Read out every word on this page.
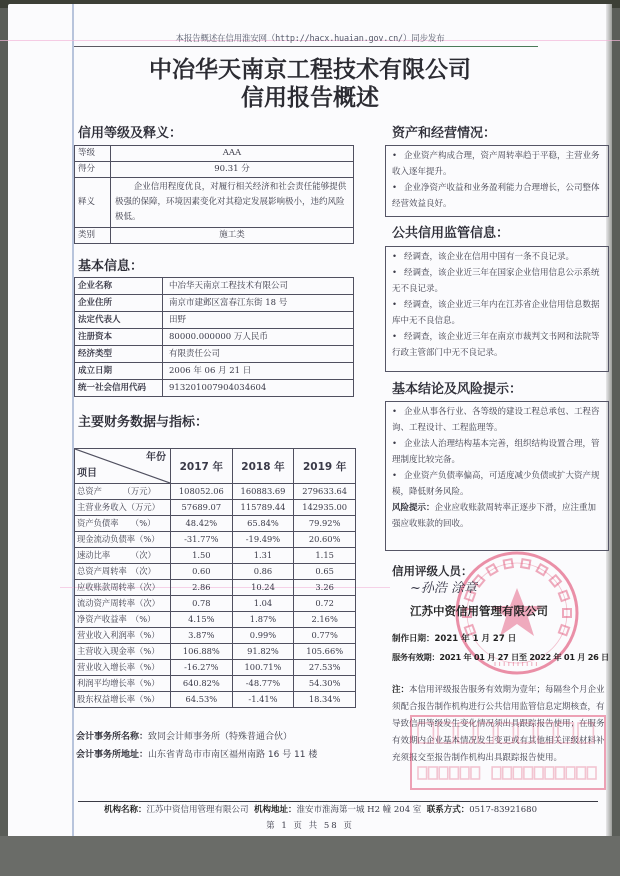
本报告概述在信用淮安网（http://hacx.huaian.gov.cn/）同步发布
中冶华天南京工程技术有限公司
信用报告概述
信用等级及释义：
等级	AAA
得分	90.31 分
释义	企业信用程度优良，对履行相关经济和社会责任能够提供极强的保障，环境因素变化对其稳定发展影响极小，违约风险极低。
类别	施工类
基本信息：
企业名称	中冶华天南京工程技术有限公司
企业住所	南京市建邺区富春江东街 18 号
法定代表人	田野
注册资本	80000.000000 万人民币
经济类型	有限责任公司
成立日期	2006 年 06 月 21 日
统一社会信用代码	913201007904034604
主要财务数据与指标：
年份
项目	2017 年	2018 年	2019 年
总资产　　　（万元）	108052.06	160883.69	279633.64
主营业务收入（万元）	57689.07	115789.44	142935.00
资产负债率　　（%）	48.42%	65.84%	79.92%
现金流动负债率（%）	-31.77%	-19.49%	20.60%
速动比率　　　（次）	1.50	1.31	1.15
总资产周转率　（次）	0.60	0.86	0.65
应收账款周转率（次）	2.86	10.24	3.26
流动资产周转率（次）	0.78	1.04	0.72
净资产收益率　（%）	4.15%	1.87%	2.16%
营业收入利润率（%）	3.87%	0.99%	0.77%
主营收入现金率（%）	106.88%	91.82%	105.66%
营业收入增长率（%）	-16.27%	100.71%	27.53%
利润平均增长率（%）	640.82%	-48.77%	54.30%
股东权益增长率（%）	64.53%	-1.41%	18.34%
会计事务所名称：致同会计师事务所（特殊普通合伙）
会计事务所地址：山东省青岛市市南区福州南路 16 号 11 楼
资产和经营情况：

• 企业资产构成合理，资产周转率趋于平稳，主营业务收入逐年提升。

• 企业净资产收益和业务盈利能力合理增长，公司整体经营效益良好。

公共信用监管信息：

• 经调查，该企业在信用中国有一条不良记录。

• 经调查，该企业近三年在国家企业信用信息公示系统无不良记录。

• 经调查，该企业近三年内在江苏省企业信用信息数据库中无不良信息。

• 经调查，该企业近三年在南京市裁判文书网和法院等行政主管部门中无不良记录。

基本结论及风险提示：

• 企业从事各行业、各等级的建设工程总承包、工程咨询、工程设计、工程监理等。

• 企业法人治理结构基本完善，组织结构设置合理，管理制度比较完备。

• 企业资产负债率偏高，可适度减少负债或扩大资产规模，降低财务风险。

风险提示：企业应收账款周转率正逐步下滑，应注重加强应收账款的回收。

信用评级人员：
~孙浩 涂章
江苏中资信用管理有限公司
制作日期：2021 年 1 月 27 日
服务有效期：2021 年 01 月 27 日至 2022 年 01 月 26 日
注：本信用评级报告服务有效期为壹年；每隔叁个月企业须配合报告制作机构进行公共信用监管信息定期核查，有导致信用等级发生变化情况须出具跟踪报告使用；在服务有效期内企业基本情况发生变更或有其他相关评级材料补充须报交至报告制作机构出具跟踪报告使用。
机构名称：江苏中资信用管理有限公司 机构地址：淮安市淮海第一城 H2 幢 204 室 联系方式：0517-83921680
第 1 页 共 58 页
